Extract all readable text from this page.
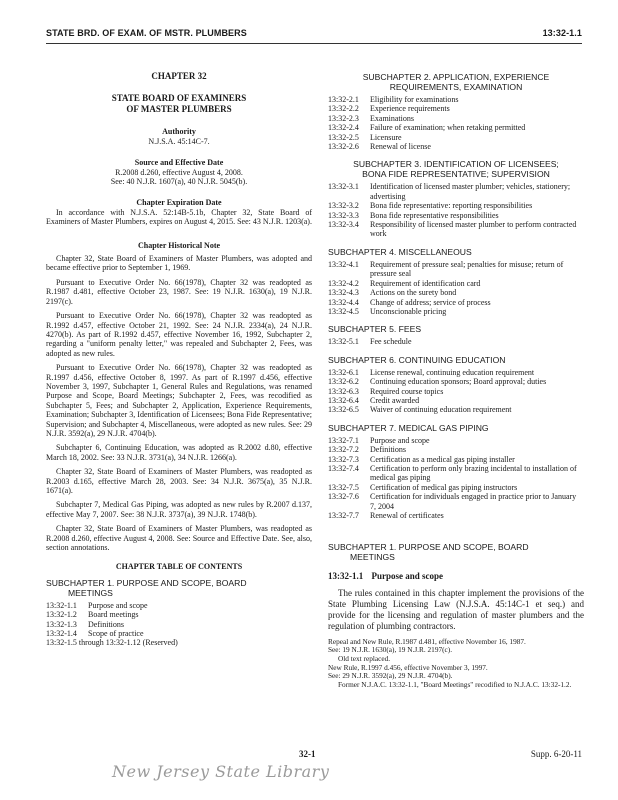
STATE BRD. OF EXAM. OF MSTR. PLUMBERS	13:32-1.1
CHAPTER 32
STATE BOARD OF EXAMINERS
OF MASTER PLUMBERS
Authority
N.J.S.A. 45:14C-7.
Source and Effective Date
R.2008 d.260, effective August 4, 2008.
See: 40 N.J.R. 1607(a), 40 N.J.R. 5045(b).
Chapter Expiration Date

In accordance with N.J.S.A. 52:14B-5.1b, Chapter 32, State Board of Examiners of Master Plumbers, expires on August 4, 2015. See: 43 N.J.R. 1203(a).

Chapter Historical Note

Chapter 32, State Board of Examiners of Master Plumbers, was adopted and became effective prior to September 1, 1969.

Pursuant to Executive Order No. 66(1978), Chapter 32 was readopted as R.1987 d.481, effective October 23, 1987. See: 19 N.J.R. 1630(a), 19 N.J.R. 2197(c).

Pursuant to Executive Order No. 66(1978), Chapter 32 was readopted as R.1992 d.457, effective October 21, 1992. See: 24 N.J.R. 2334(a), 24 N.J.R. 4270(b). As part of R.1992 d.457, effective November 16, 1992, Subchapter 2, regarding a "uniform penalty letter," was repealed and Subchapter 2, Fees, was adopted as new rules.

Pursuant to Executive Order No. 66(1978), Chapter 32 was readopted as R.1997 d.456, effective October 8, 1997. As part of R.1997 d.456, effective November 3, 1997, Subchapter 1, General Rules and Regulations, was renamed Purpose and Scope, Board Meetings; Subchapter 2, Fees, was recodified as Subchapter 5, Fees; and Subchapter 2, Application, Experience Requirements, Examination; Subchapter 3, Identification of Licensees; Bona Fide Representative; Supervision; and Subchapter 4, Miscellaneous, were adopted as new rules. See: 29 N.J.R. 3592(a), 29 N.J.R. 4704(b).

Subchapter 6, Continuing Education, was adopted as R.2002 d.80, effective March 18, 2002. See: 33 N.J.R. 3731(a), 34 N.J.R. 1266(a).

Chapter 32, State Board of Examiners of Master Plumbers, was readopted as R.2003 d.165, effective March 28, 2003. See: 34 N.J.R. 3675(a), 35 N.J.R. 1671(a).

Subchapter 7, Medical Gas Piping, was adopted as new rules by R.2007 d.137, effective May 7, 2007. See: 38 N.J.R. 3737(a), 39 N.J.R. 1748(b).

Chapter 32, State Board of Examiners of Master Plumbers, was readopted as R.2008 d.260, effective August 4, 2008. See: Source and Effective Date. See, also, section annotations.

CHAPTER TABLE OF CONTENTS
SUBCHAPTER 1. PURPOSE AND SCOPE, BOARD
MEETINGS
13:32-1.1	Purpose and scope
13:32-1.2	Board meetings
13:32-1.3	Definitions
13:32-1.4	Scope of practice
13:32-1.5 through 13:32-1.12 (Reserved)
SUBCHAPTER 2. APPLICATION, EXPERIENCE
REQUIREMENTS, EXAMINATION
13:32-2.1	Eligibility for examinations
13:32-2.2	Experience requirements
13:32-2.3	Examinations
13:32-2.4	Failure of examination; when retaking permitted
13:32-2.5	Licensure
13:32-2.6	Renewal of license
SUBCHAPTER 3. IDENTIFICATION OF LICENSEES;
BONA FIDE REPRESENTATIVE; SUPERVISION
13:32-3.1	Identification of licensed master plumber; vehicles, stationery; advertising
13:32-3.2	Bona fide representative: reporting responsibilities
13:32-3.3	Bona fide representative responsibilities
13:32-3.4	Responsibility of licensed master plumber to perform contracted work
SUBCHAPTER 4. MISCELLANEOUS
13:32-4.1	Requirement of pressure seal; penalties for misuse; return of pressure seal
13:32-4.2	Requirement of identification card
13:32-4.3	Actions on the surety bond
13:32-4.4	Change of address; service of process
13:32-4.5	Unconscionable pricing
SUBCHAPTER 5. FEES
13:32-5.1	Fee schedule
SUBCHAPTER 6. CONTINUING EDUCATION
13:32-6.1	License renewal, continuing education requirement
13:32-6.2	Continuing education sponsors; Board approval; duties
13:32-6.3	Required course topics
13:32-6.4	Credit awarded
13:32-6.5	Waiver of continuing education requirement
SUBCHAPTER 7. MEDICAL GAS PIPING
13:32-7.1	Purpose and scope
13:32-7.2	Definitions
13:32-7.3	Certification as a medical gas piping installer
13:32-7.4	Certification to perform only brazing incidental to installation of medical gas piping
13:32-7.5	Certification of medical gas piping instructors
13:32-7.6	Certification for individuals engaged in practice prior to January 7, 2004
13:32-7.7	Renewal of certificates
SUBCHAPTER 1. PURPOSE AND SCOPE, BOARD
MEETINGS
13:32-1.1 Purpose and scope

The rules contained in this chapter implement the provisions of the State Plumbing Licensing Law (N.J.S.A. 45:14C-1 et seq.) and provide for the licensing and regulation of master plumbers and the regulation of plumbing contractors.

Repeal and New Rule, R.1987 d.481, effective November 16, 1987.

See: 19 N.J.R. 1630(a), 19 N.J.R. 2197(c).

Old text replaced.

New Rule, R.1997 d.456, effective November 3, 1997.

See: 29 N.J.R. 3592(a), 29 N.J.R. 4704(b).

Former N.J.A.C. 13:32-1.1, "Board Meetings" recodified to N.J.A.C. 13:32-1.2.

32-1	Supp. 6-20-11
New Jersey State Library
